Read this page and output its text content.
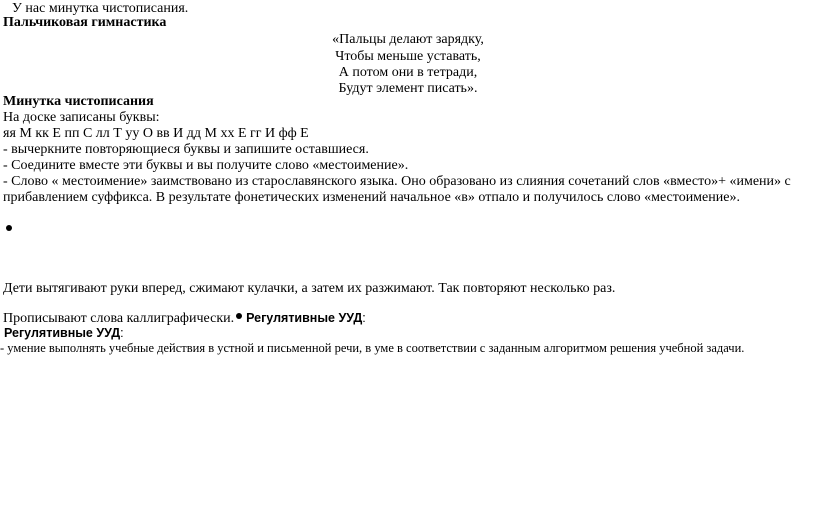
У нас минутка чистописания.
Пальчиковая гимнастика
«Пальцы делают зарядку,
Чтобы меньше уставать,
А потом они в тетради,
Будут элемент писать».
Минутка чистописания
На доске записаны буквы:
яя М кк Е пп С лл Т уу О вв И дд М хх Е гг И фф Е
- вычеркните повторяющиеся буквы и запишите оставшиеся.
- Соедините вместе эти буквы и вы получите слово «местоимение».
- Слово « местоимение» заимствовано из старославянского языка. Оно образовано из слияния сочетаний слов «вместо»+ «имени» с
прибавлением суффикса. В результате фонетических изменений начальное «в» отпало и получилось слово «местоимение».
Дети вытягивают руки вперед, сжимают кулачки, а затем их разжимают. Так повторяют несколько раз.
Прописывают слова каллиграфически. Регулятивные УУД:
Регулятивные УУД:
- умение выполнять учебные действия в устной и письменной речи, в уме в соответствии с заданным алгоритмом решения учебной задачи.
